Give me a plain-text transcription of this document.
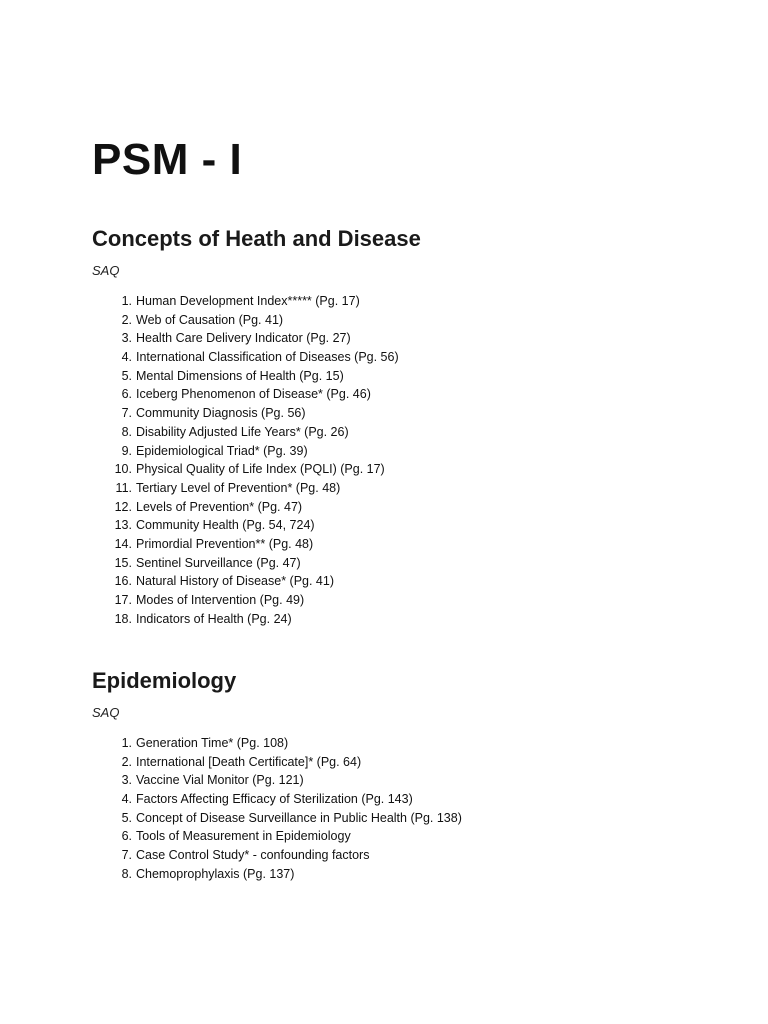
PSM - I
Concepts of Heath and Disease

SAQ

1. Human Development Index***** (Pg. 17)
2. Web of Causation (Pg. 41)
3. Health Care Delivery Indicator (Pg. 27)
4. International Classification of Diseases (Pg. 56)
5. Mental Dimensions of Health (Pg. 15)
6. Iceberg Phenomenon of Disease* (Pg. 46)
7. Community Diagnosis (Pg. 56)
8. Disability Adjusted Life Years* (Pg. 26)
9. Epidemiological Triad* (Pg. 39)
10. Physical Quality of Life Index (PQLI) (Pg. 17)
11. Tertiary Level of Prevention* (Pg. 48)
12. Levels of Prevention* (Pg. 47)
13. Community Health (Pg. 54, 724)
14. Primordial Prevention** (Pg. 48)
15. Sentinel Surveillance (Pg. 47)
16. Natural History of Disease* (Pg. 41)
17. Modes of Intervention (Pg. 49)
18. Indicators of Health (Pg. 24)
Epidemiology

SAQ

1. Generation Time* (Pg. 108)
2. International [Death Certificate]* (Pg. 64)
3. Vaccine Vial Monitor (Pg. 121)
4. Factors Affecting Efficacy of Sterilization (Pg. 143)
5. Concept of Disease Surveillance in Public Health (Pg. 138)
6. Tools of Measurement in Epidemiology
7. Case Control Study* - confounding factors
8. Chemoprophylaxis (Pg. 137)
